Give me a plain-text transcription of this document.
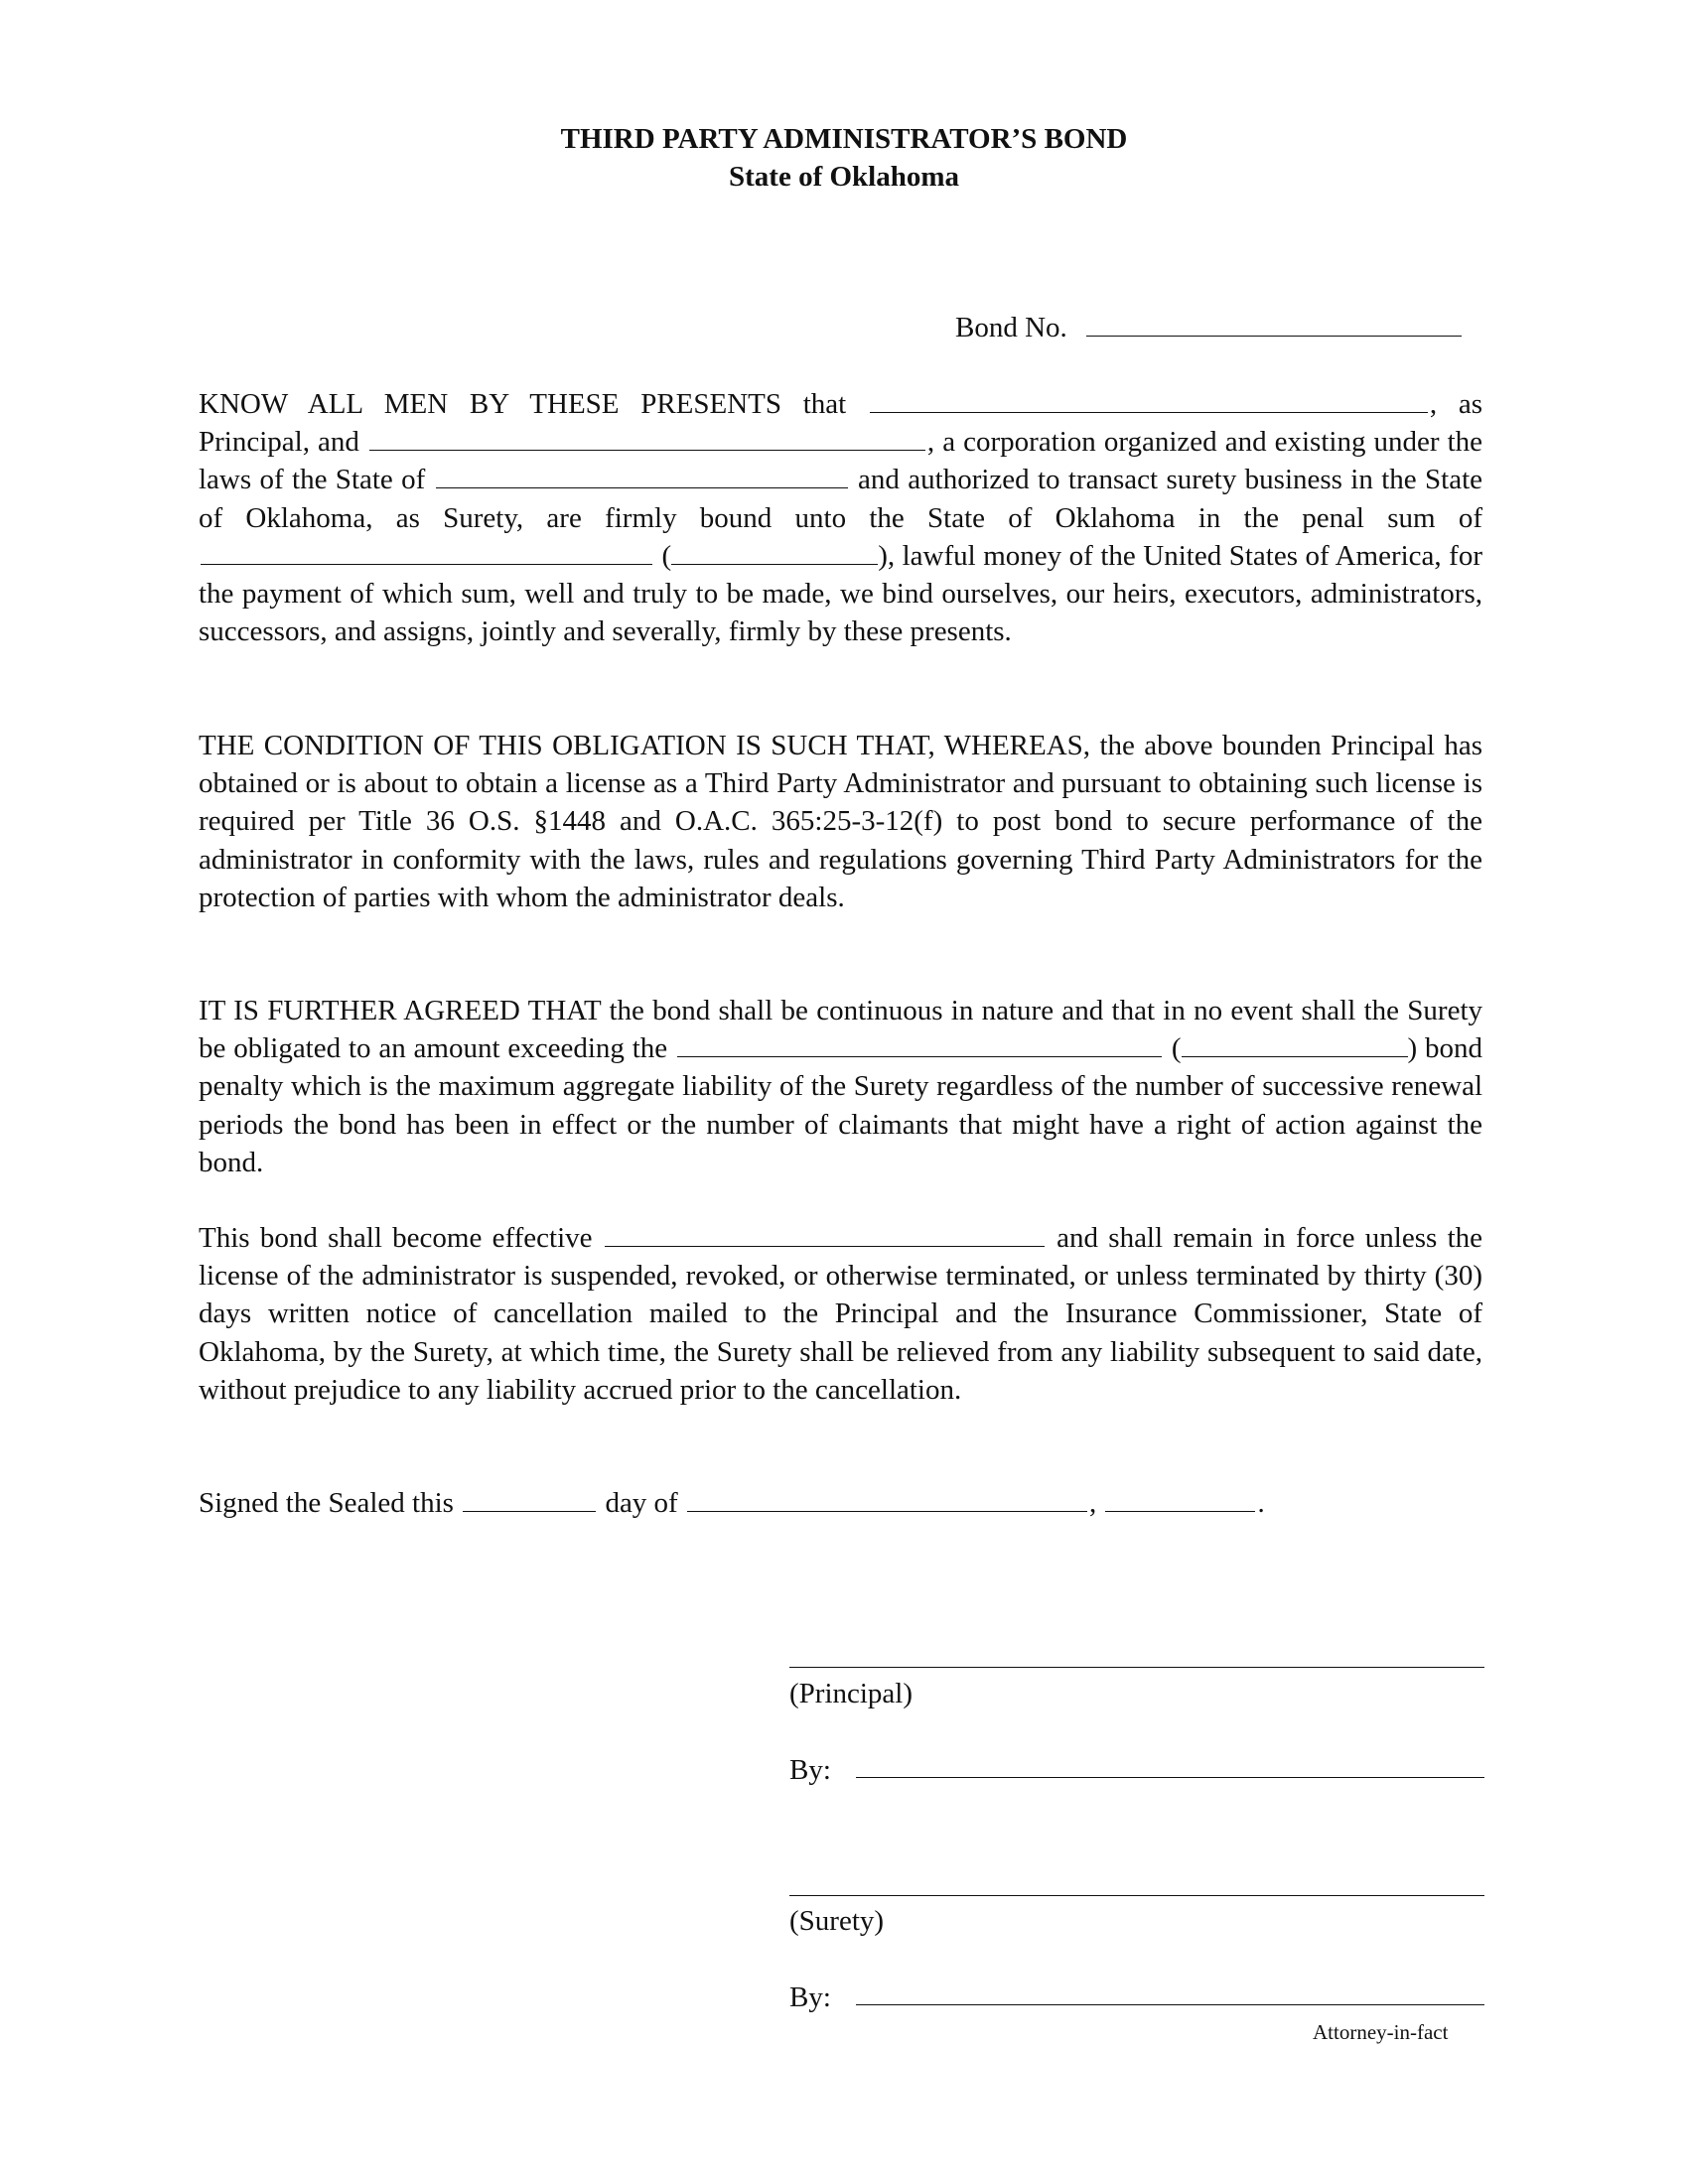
THIRD PARTY ADMINISTRATOR’S BOND
State of Oklahoma
Bond No.

KNOW ALL MEN BY THESE PRESENTS that	, as Principal, and	, a corporation organized and existing under the laws of the State of	and authorized to transact surety business in the State of Oklahoma, as Surety, are firmly bound unto the State of Oklahoma in the penal sum of  (	), lawful money of the United States of America, for the payment of which sum, well and truly to be made, we bind ourselves, our heirs, executors, administrators, successors, and assigns, jointly and severally, firmly by these presents.

THE CONDITION OF THIS OBLIGATION IS SUCH THAT, WHEREAS, the above bounden Principal has obtained or is about to obtain a license as a Third Party Administrator and pursuant to obtaining such license is required per Title 36 O.S. §1448 and O.A.C. 365:25-3-12(f) to post bond to secure performance of the administrator in conformity with the laws, rules and regulations governing Third Party Administrators for the protection of parties with whom the administrator deals.

IT IS FURTHER AGREED THAT the bond shall be continuous in nature and that in no event shall the Surety be obligated to an amount exceeding the	(	) bond penalty which is the maximum aggregate liability of the Surety regardless of the number of successive renewal periods the bond has been in effect or the number of claimants that might have a right of action against the bond.

This bond shall become effective	and shall remain in force unless the license of the administrator is suspended, revoked, or otherwise terminated, or unless terminated by thirty (30) days written notice of cancellation mailed to the Principal and the Insurance Commissioner, State of Oklahoma, by the Surety, at which time, the Surety shall be relieved from any liability subsequent to said date, without prejudice to any liability accrued prior to the cancellation.

Signed the Sealed this	day of	,	.
(Principal)
By:
(Surety)
By:
Attorney-in-fact
